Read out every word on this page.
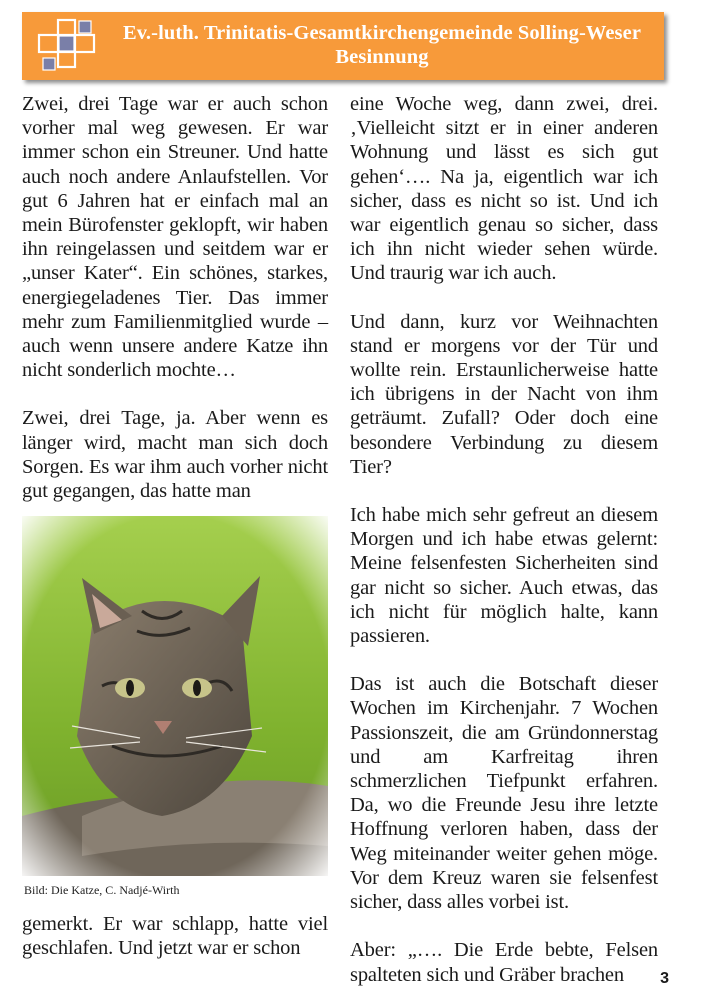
Ev.-luth. Trinitatis-Gesamtkirchengemeinde Solling-Weser
Besinnung

Zwei, drei Tage war er auch schon vorher mal weg gewesen. Er war immer schon ein Streuner. Und hatte auch noch andere Anlaufstellen. Vor gut 6 Jahren hat er einfach mal an mein Bürofenster geklopft, wir haben ihn reingelassen und seitdem war er „unser Kater“. Ein schönes, starkes, energiegeladenes Tier. Das immer mehr zum Familienmitglied wurde – auch wenn unsere andere Katze ihn nicht sonderlich mochte…

Zwei, drei Tage, ja. Aber wenn es länger wird, macht man sich doch Sorgen. Es war ihm auch vorher nicht gut gegangen, das hatte man

Bild: Die Katze, C. Nadjé-Wirth

gemerkt. Er war schlapp, hatte viel geschlafen. Und jetzt war er schon

eine Woche weg, dann zwei, drei. ‚Vielleicht sitzt er in einer anderen Wohnung und lässt es sich gut gehen‘…. Na ja, eigentlich war ich sicher, dass es nicht so ist. Und ich war eigentlich genau so sicher, dass ich ihn nicht wieder sehen würde. Und traurig war ich auch.

Und dann, kurz vor Weihnachten stand er morgens vor der Tür und wollte rein. Erstaunlicherweise hatte ich übrigens in der Nacht von ihm geträumt. Zufall? Oder doch eine besondere Verbindung zu diesem Tier?

Ich habe mich sehr gefreut an diesem Morgen und ich habe etwas gelernt: Meine felsenfesten Sicherheiten sind gar nicht so sicher. Auch etwas, das ich nicht für möglich halte, kann passieren.

Das ist auch die Botschaft dieser Wochen im Kirchenjahr. 7 Wochen Passionszeit, die am Gründonnerstag und am Karfreitag ihren schmerzlichen Tiefpunkt erfahren. Da, wo die Freunde Jesu ihre letzte Hoffnung verloren haben, dass der Weg miteinander weiter gehen möge. Vor dem Kreuz waren sie felsenfest sicher, dass alles vorbei ist.

Aber: „…. Die Erde bebte, Felsen spalteten sich und Gräber brachen	3
